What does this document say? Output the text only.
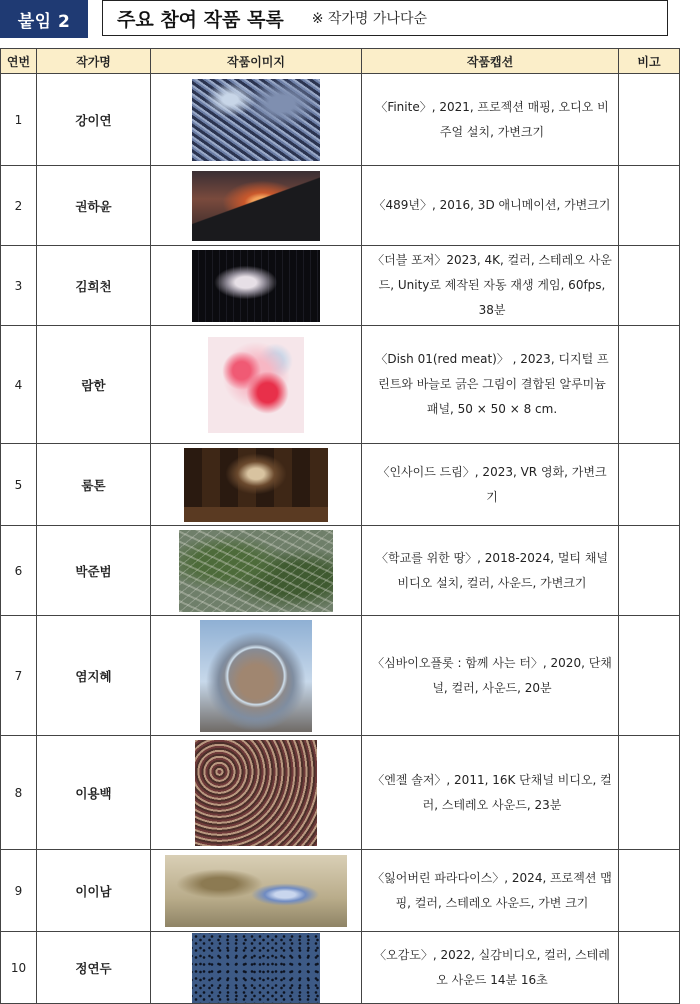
붙임 2	주요 참여 작품 목록 ※ 작가명 가나다순
연번	작가명	작품이미지	작품캡션	비고
1	강이연		〈Finite〉, 2021, 프로젝션 매핑, 오디오 비주얼 설치, 가변크기	
2	권하윤		〈489년〉, 2016, 3D 애니메이션, 가변크기	
3	김희천		〈더블 포저〉2023, 4K, 컬러, 스테레오 사운드, Unity로 제작된 자동 재생 게임, 60fps, 38분	
4	람한		〈Dish 01(red meat)〉 , 2023, 디지털 프린트와 바늘로 긁은 그림이 결합된 알루미늄 패널, 50 × 50 × 8 cm.	
5	룸톤		〈인사이드 드림〉, 2023, VR 영화, 가변크기	
6	박준범		〈학교를 위한 땅〉, 2018-2024, 멀티 채널 비디오 설치, 컬러, 사운드, 가변크기	
7	염지혜		〈심바이오플롯 : 함께 사는 터〉, 2020, 단채널, 컬러, 사운드, 20분	
8	이용백		〈엔젤 솔저〉, 2011, 16K 단채널 비디오, 컬러, 스테레오 사운드, 23분	
9	이이남		〈잃어버린 파라다이스〉, 2024, 프로젝션 맵핑, 컬러, 스테레오 사운드, 가변 크기	
10	정연두		〈오감도〉, 2022, 실감비디오, 컬러, 스테레오 사운드 14분 16초	
